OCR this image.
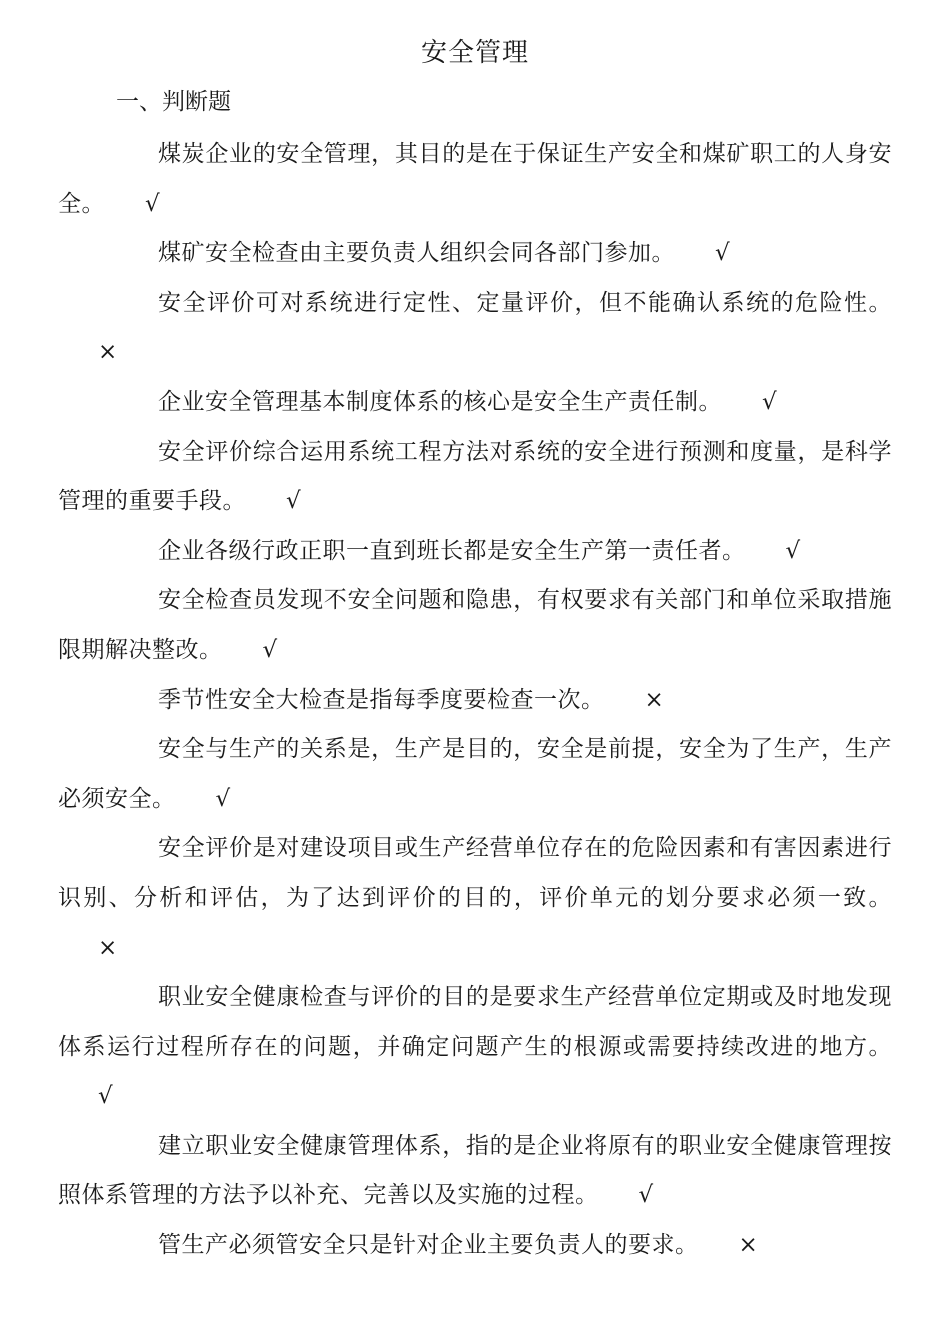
安全管理
一、判断题
煤炭企业的安全管理，其目的是在于保证生产安全和煤矿职工的人身安全。 √
煤矿安全检查由主要负责人组织会同各部门参加。 √
安全评价可对系统进行定性、定量评价，但不能确认系统的危险性。×
企业安全管理基本制度体系的核心是安全生产责任制。 √
安全评价综合运用系统工程方法对系统的安全进行预测和度量，是科学管理的重要手段。 √
企业各级行政正职一直到班长都是安全生产第一责任者。 √
安全检查员发现不安全问题和隐患，有权要求有关部门和单位采取措施限期解决整改。 √
季节性安全大检查是指每季度要检查一次。 ×
安全与生产的关系是，生产是目的，安全是前提，安全为了生产，生产必须安全。 √
安全评价是对建设项目或生产经营单位存在的危险因素和有害因素进行识别、分析和评估，为了达到评价的目的，评价单元的划分要求必须一致。×
职业安全健康检查与评价的目的是要求生产经营单位定期或及时地发现体系运行过程所存在的问题，并确定问题产生的根源或需要持续改进的地方。√
建立职业安全健康管理体系，指的是企业将原有的职业安全健康管理按照体系管理的方法予以补充、完善以及实施的过程。 √
管生产必须管安全只是针对企业主要负责人的要求。 ×
